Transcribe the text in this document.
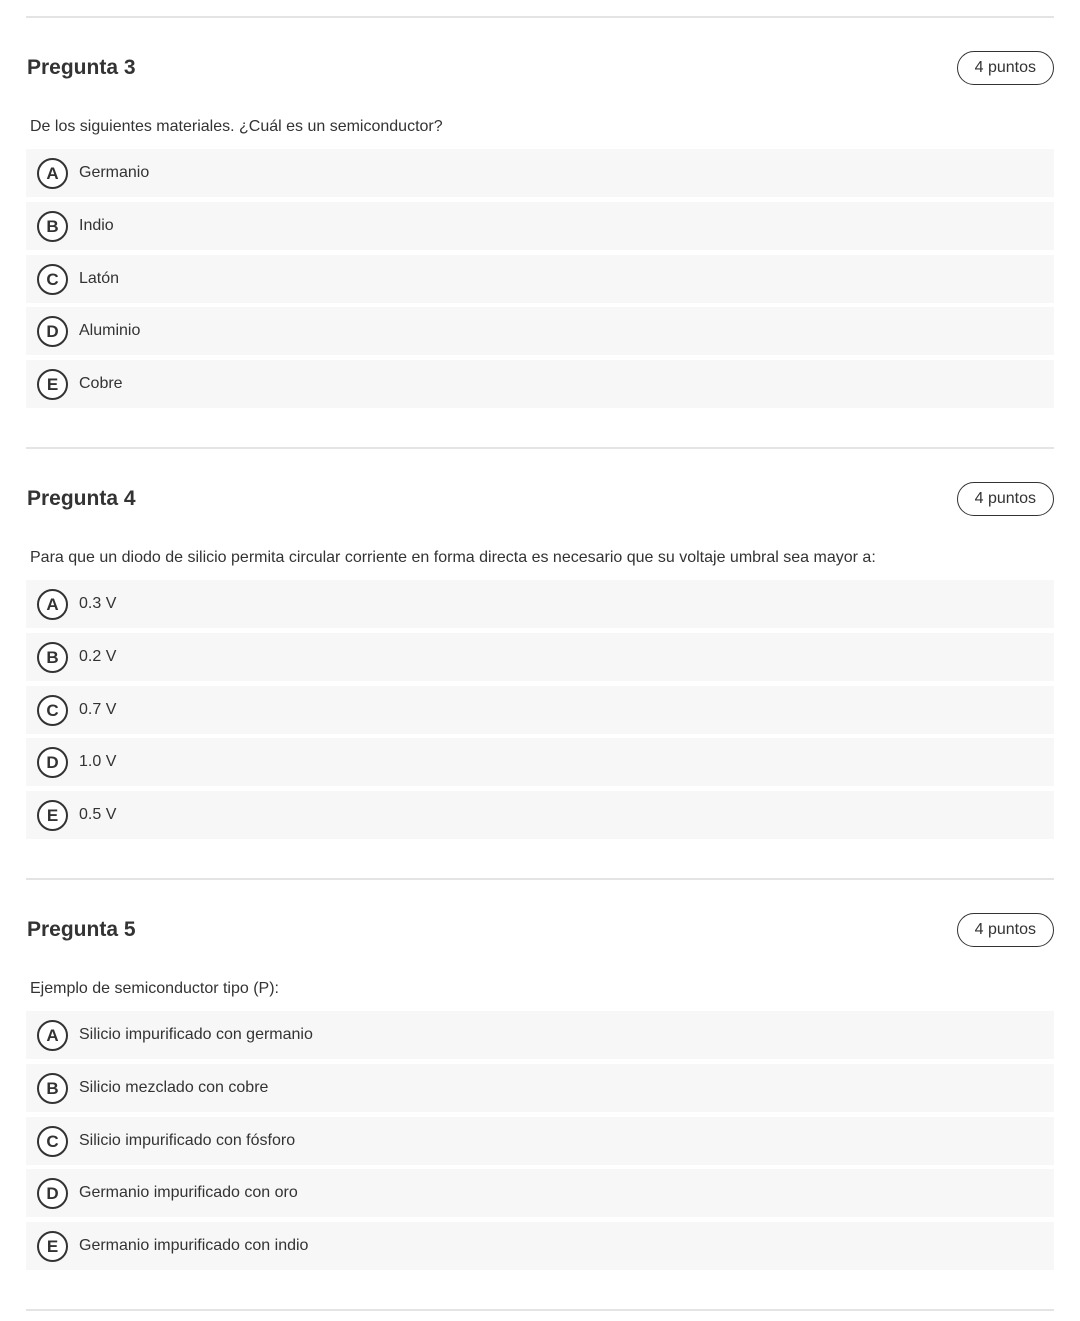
Pregunta 3	4 puntos
De los siguientes materiales. ¿Cuál es un semiconductor?
A	Germanio
B	Indio
C	Latón
D	Aluminio
E	Cobre
Pregunta 4	4 puntos
Para que un diodo de silicio permita circular corriente en forma directa es necesario que su voltaje umbral sea mayor a:
A	0.3 V
B	0.2 V
C	0.7 V
D	1.0 V
E	0.5 V
Pregunta 5	4 puntos
Ejemplo de semiconductor tipo (P):
A	Silicio impurificado con germanio
B	Silicio mezclado con cobre
C	Silicio impurificado con fósforo
D	Germanio impurificado con oro
E	Germanio impurificado con indio
